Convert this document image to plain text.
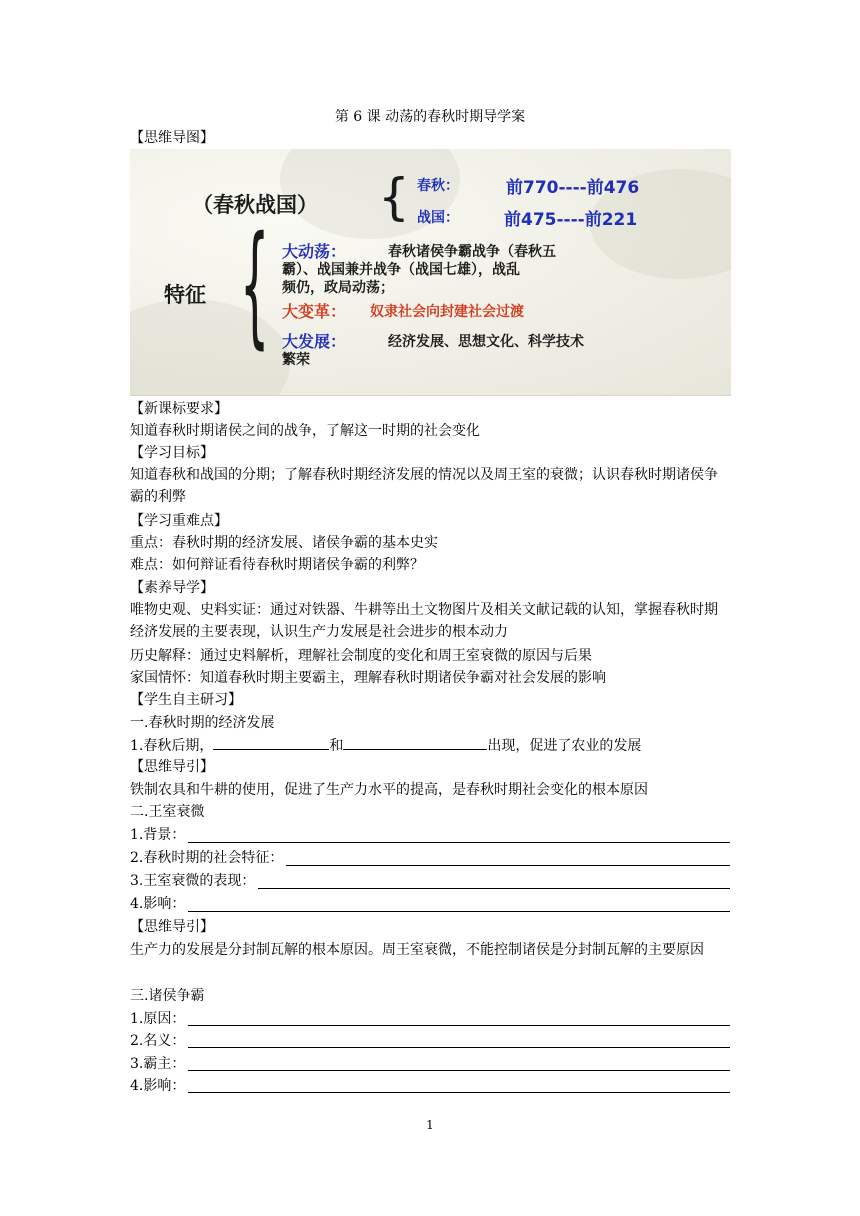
第 6 课 动荡的春秋时期导学案
【思维导图】
（春秋战国） { 春秋：	前770----前476
战国：	前475----前221
特征 { 大动荡：	春秋诸侯争霸战争（春秋五
霸）、战国兼并战争（战国七雄），战乱
频仍，政局动荡；
大变革： 奴隶社会向封建社会过渡
大发展：	经济发展、思想文化、科学技术
繁荣
【新课标要求】
知道春秋时期诸侯之间的战争，了解这一时期的社会变化
【学习目标】
知道春秋和战国的分期；了解春秋时期经济发展的情况以及周王室的衰微；认识春秋时期诸侯争霸的利弊
【学习重难点】
重点：春秋时期的经济发展、诸侯争霸的基本史实
难点：如何辩证看待春秋时期诸侯争霸的利弊？
【素养导学】
唯物史观、史料实证：通过对铁器、牛耕等出土文物图片及相关文献记载的认知，掌握春秋时期经济发展的主要表现，认识生产力发展是社会进步的根本动力
历史解释：通过史料解析，理解社会制度的变化和周王室衰微的原因与后果
家国情怀：知道春秋时期主要霸主，理解春秋时期诸侯争霸对社会发展的影响
【学生自主研习】
一.春秋时期的经济发展
1.春秋后期，	和	出现，促进了农业的发展
【思维导引】
铁制农具和牛耕的使用，促进了生产力水平的提高，是春秋时期社会变化的根本原因
二.王室衰微
1.背景：
2.春秋时期的社会特征：
3.王室衰微的表现：
4.影响：
【思维导引】
生产力的发展是分封制瓦解的根本原因。周王室衰微，不能控制诸侯是分封制瓦解的主要原因
三.诸侯争霸
1.原因：
2.名义：
3.霸主：
4.影响：
1
